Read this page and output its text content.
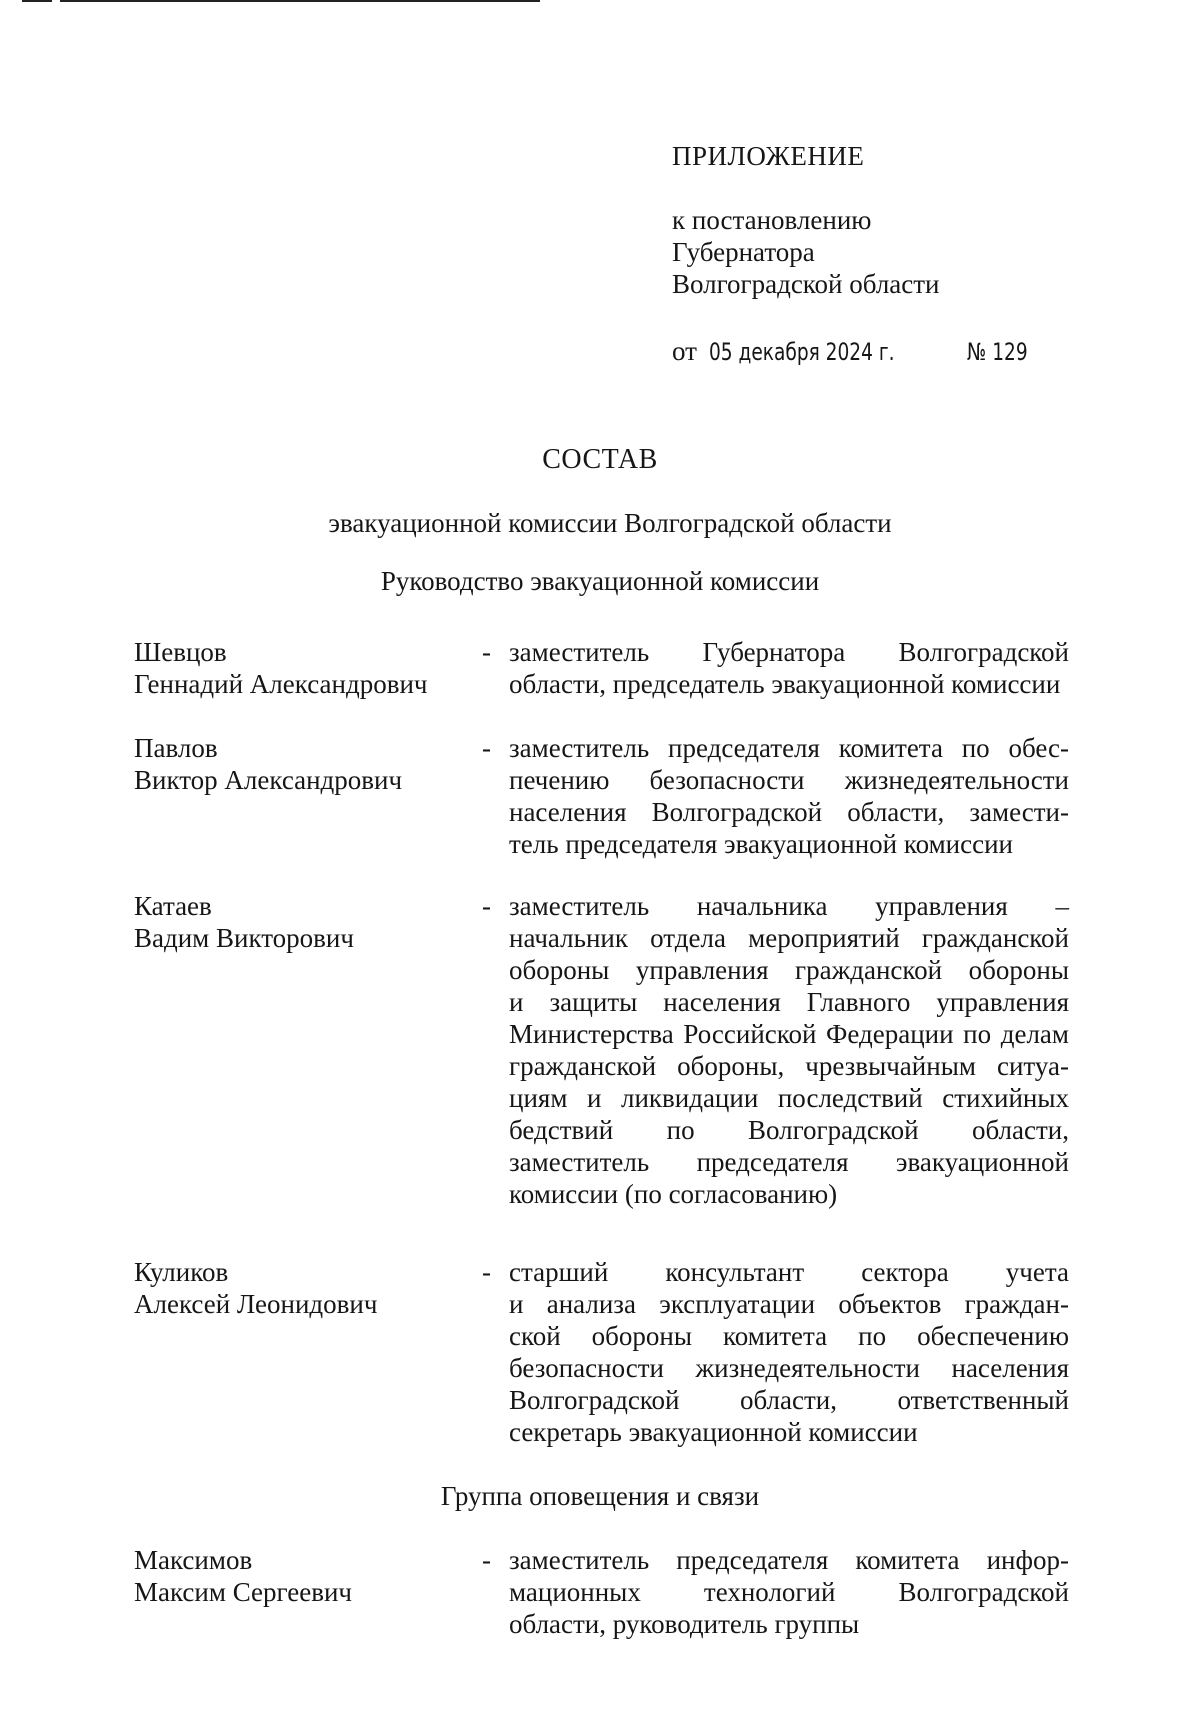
ПРИЛОЖЕНИЕ
к постановлению
Губернатора
Волгоградской области
от 05 декабря 2024 г.	№ 129
СОСТАВ
эвакуационной комиссии Волгоградской области
Руководство эвакуационной комиссии
Шевцов
Геннадий Александрович
- заместитель Губернатора Волгоградской
области, председатель эвакуационной комиссии
Павлов
Виктор Александрович
- заместитель председателя комитета по обес-
печению безопасности жизнедеятельности
населения Волгоградской области, замести-
тель председателя эвакуационной комиссии
Катаев
Вадим Викторович
- заместитель начальника управления –
начальник отдела мероприятий гражданской
обороны управления гражданской обороны
и защиты населения Главного управления
Министерства Российской Федерации по делам
гражданской обороны, чрезвычайным ситуа-
циям и ликвидации последствий стихийных
бедствий по Волгоградской области,
заместитель председателя эвакуационной
комиссии (по согласованию)
Куликов
Алексей Леонидович
- старший консультант сектора учета
и анализа эксплуатации объектов граждан-
ской обороны комитета по обеспечению
безопасности жизнедеятельности населения
Волгоградской области, ответственный
секретарь эвакуационной комиссии
Группа оповещения и связи
Максимов
Максим Сергеевич
- заместитель председателя комитета инфор-
мационных технологий Волгоградской
области, руководитель группы
